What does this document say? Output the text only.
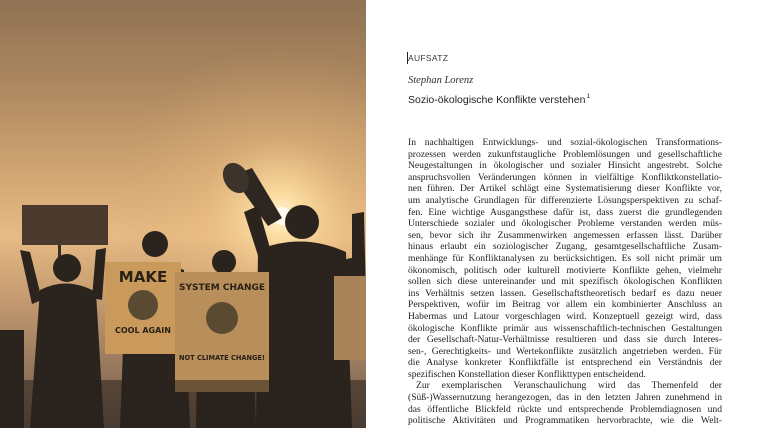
MAKE
COOL AGAIN
SYSTEM CHANGE
NOT CLIMATE CHANGE!
AUFSATZ
Stephan Lorenz
Sozio-ökologische Konflikte verstehen$^1$
In nachhaltigen Entwicklungs- und sozial-ökologischen Transformations-
prozessen werden zukunftstaugliche Problemlösungen und gesellschaftliche
Neugestaltungen in ökologischer und sozialer Hinsicht angestrebt. Solche
anspruchsvollen Veränderungen können in vielfältige Konfliktkonstellatio-
nen führen. Der Artikel schlägt eine Systematisierung dieser Konflikte vor,
um analytische Grundlagen für differenzierte Lösungsperspektiven zu schaf-
fen. Eine wichtige Ausgangsthese dafür ist, dass zuerst die grundlegenden
Unterschiede sozialer und ökologischer Probleme verstanden werden müs-
sen, bevor sich ihr Zusammenwirken angemessen erfassen lässt. Darüber
hinaus erlaubt ein soziologischer Zugang, gesamtgesellschaftliche Zusam-
menhänge für Konfliktanalysen zu berücksichtigen. Es soll nicht primär um
ökonomisch, politisch oder kulturell motivierte Konflikte gehen, vielmehr
sollen sich diese untereinander und mit spezifisch ökologischen Konflikten
ins Verhältnis setzen lassen. Gesellschaftstheoretisch bedarf es dazu neuer
Perspektiven, wofür im Beitrag vor allem ein kombinierter Anschluss an
Habermas und Latour vorgeschlagen wird. Konzeptuell gezeigt wird, dass
ökologische Konflikte primär aus wissenschaftlich-technischen Gestaltungen
der Gesellschaft-Natur-Verhältnisse resultieren und dass sie durch Interes-
sen-, Gerechtigkeits- und Wertekonflikte zusätzlich angetrieben werden. Für
die Analyse konkreter Konfliktfälle ist entsprechend ein Verständnis der
spezifischen Konstellation dieser Konflikttypen entscheidend.
Zur exemplarischen Veranschaulichung wird das Themenfeld der
(Süß-)Wassernutzung herangezogen, das in den letzten Jahren zunehmend in
das öffentliche Blickfeld rückte und entsprechende Problemdiagnosen und
politische Aktivitäten und Programmatiken hervorbrachte, wie die Welt-
